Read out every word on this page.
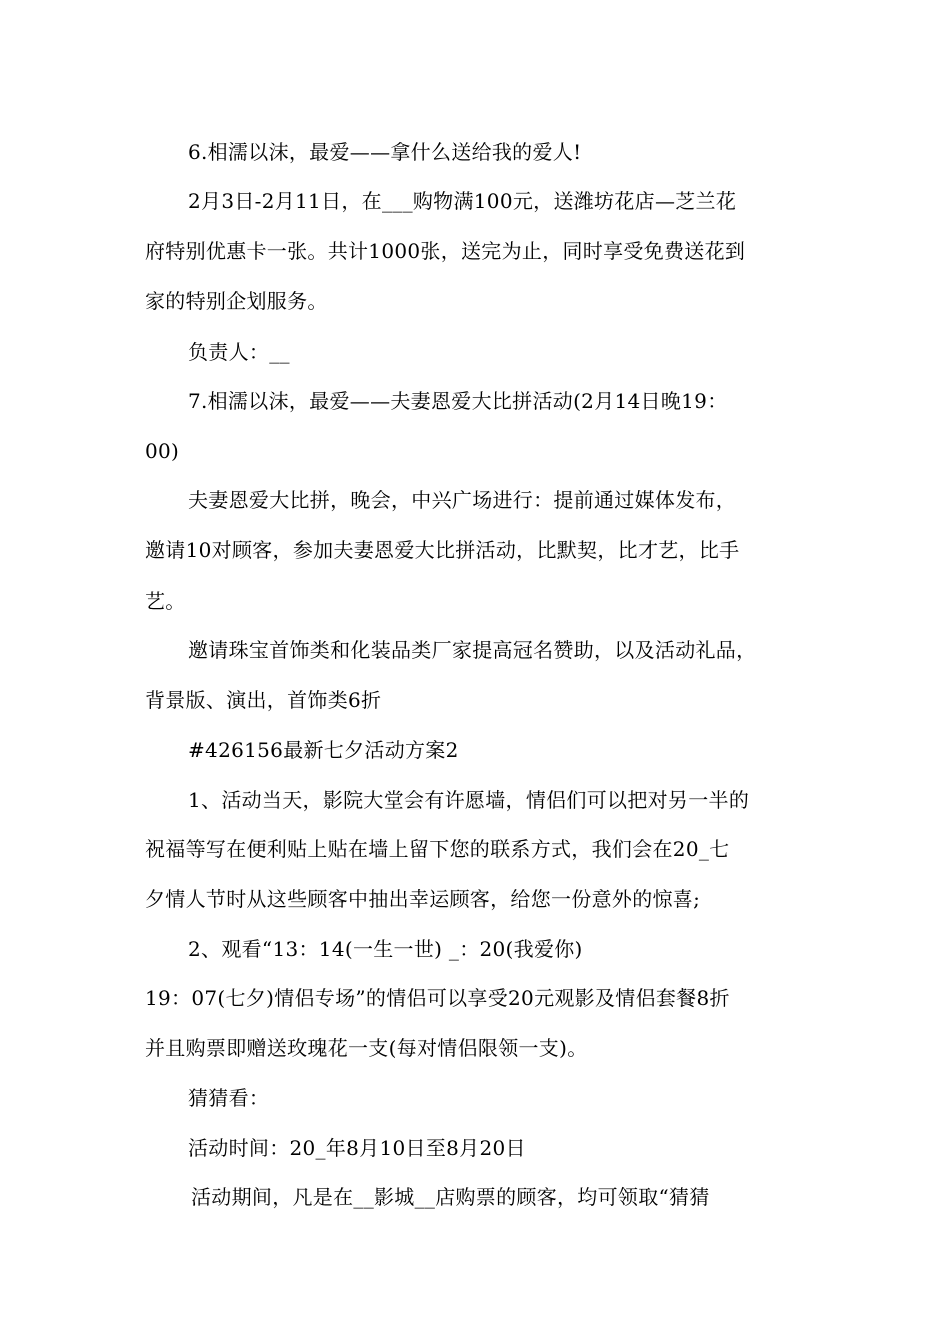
6.相濡以沫，最爱——拿什么送给我的爱人!
2月3日-2月11日，在___购物满100元，送潍坊花店—芝兰花
府特别优惠卡一张。共计1000张，送完为止，同时享受免费送花到
家的特别企划服务。
负责人：__
7.相濡以沫，最爱——夫妻恩爱大比拼活动(2月14日晚19：
00)
夫妻恩爱大比拼，晚会，中兴广场进行：提前通过媒体发布，
邀请10对顾客，参加夫妻恩爱大比拼活动，比默契，比才艺，比手
艺。
邀请珠宝首饰类和化装品类厂家提高冠名赞助，以及活动礼品，
背景版、演出，首饰类6折
#426156最新七夕活动方案2
1、活动当天，影院大堂会有许愿墙，情侣们可以把对另一半的
祝福等写在便利贴上贴在墙上留下您的联系方式，我们会在20_七
夕情人节时从这些顾客中抽出幸运顾客，给您一份意外的惊喜;
2、观看“13：14(一生一世) _：20(我爱你)
19：07(七夕)情侣专场”的情侣可以享受20元观影及情侣套餐8折
并且购票即赠送玫瑰花一支(每对情侣限领一支)。
猜猜看：
活动时间：20_年8月10日至8月20日
活动期间，凡是在__影城__店购票的顾客，均可领取“猜猜
